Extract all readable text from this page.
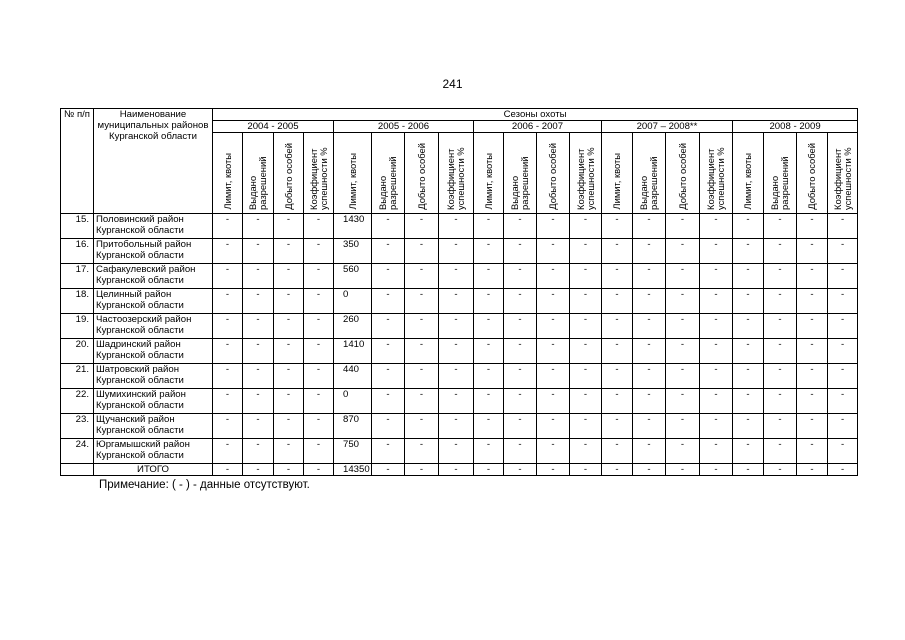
241
№ п/п	Наименование муниципальных районов Курганской области	Сезоны охоты																			
		2004 - 2005				2005 - 2006				2006 - 2007				2007 – 2008**				2008 - 2009			
		Лимит, квоты	Выдано разрешений	Добыто особей	Коэффициент успешности %	Лимит, квоты	Выдано разрешений	Добыто особей	Коэффициент успешности %	Лимит, квоты	Выдано разрешений	Добыто особей	Коэффициент успешности %	Лимит, квоты	Выдано разрешений	Добыто особей	Коэффициент успешности %	Лимит, квоты	Выдано разрешений	Добыто особей	Коэффициент успешности %
15.	Половинский район Курганской области	-	-	-	-	1430	-	-	-	-	-	-	-	-	-	-	-	-	-	-	-
16.	Притобольный район Курганской области	-	-	-	-	350	-	-	-	-	-	-	-	-	-	-	-	-	-	-	-
17.	Сафакулевский район Курганской области	-	-	-	-	560	-	-	-	-	-	-	-	-	-	-	-	-	-	-	-
18.	Целинный район Курганской области	-	-	-	-	0	-	-	-	-	-	-	-	-	-	-	-	-	-	-	-
19.	Частоозерский район Курганской области	-	-	-	-	260	-	-	-	-	-	-	-	-	-	-	-	-	-	-	-
20.	Шадринский район Курганской области	-	-	-	-	1410	-	-	-	-	-	-	-	-	-	-	-	-	-	-	-
21.	Шатровский район Курганской области	-	-	-	-	440	-	-	-	-	-	-	-	-	-	-	-	-	-	-	-
22.	Шумихинский район Курганской области	-	-	-	-	0	-	-	-	-	-	-	-	-	-	-	-	-	-	-	-
23.	Щучанский район Курганской области	-	-	-	-	870	-	-	-	-	-	-	-	-	-	-	-	-	-	-	-
24.	Юргамышский район Курганской области	-	-	-	-	750	-	-	-	-	-	-	-	-	-	-	-	-	-	-	-
	ИТОГО	-	-	-	-	14350	-	-	-	-	-	-	-	-	-	-	-	-	-	-	-
Примечание: ( - ) - данные отсутствуют.
